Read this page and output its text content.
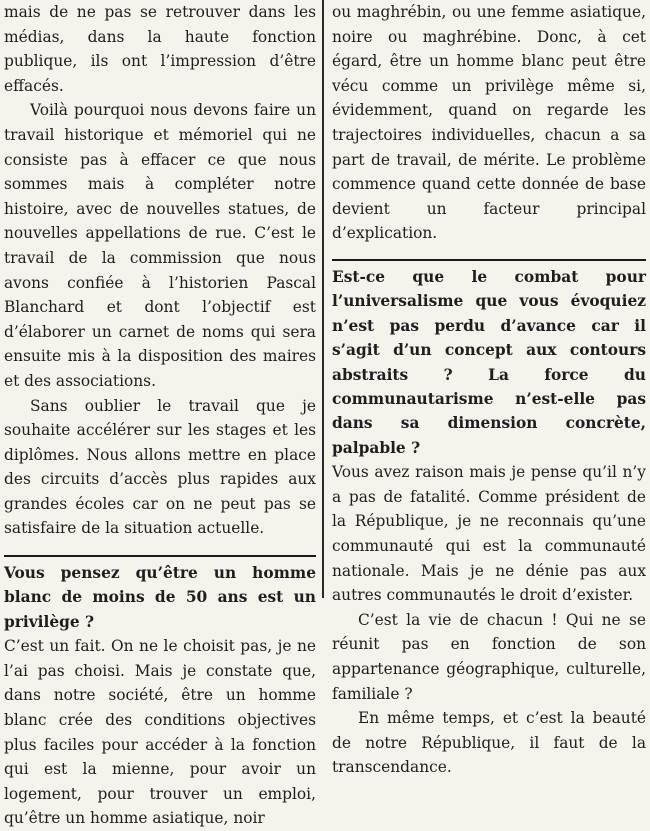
mais de ne pas se retrouver dans les médias, dans la haute fonction publique, ils ont l’impression d’être effacés.

Voilà pourquoi nous devons faire un travail historique et mémoriel qui ne consiste pas à effacer ce que nous sommes mais à compléter notre histoire, avec de nouvelles statues, de nouvelles appellations de rue. C’est le travail de la commission que nous avons confiée à l’historien Pascal Blanchard et dont l’objectif est d’élaborer un carnet de noms qui sera ensuite mis à la disposition des maires et des associations.

Sans oublier le travail que je souhaite accélérer sur les stages et les diplômes. Nous allons mettre en place des circuits d’accès plus rapides aux grandes écoles car on ne peut pas se satisfaire de la situation actuelle.

Vous pensez qu’être un homme blanc de moins de 50 ans est un privilège ?

C’est un fait. On ne le choisit pas, je ne l’ai pas choisi. Mais je constate que, dans notre société, être un homme blanc crée des conditions objectives plus faciles pour accéder à la fonction qui est la mienne, pour avoir un logement, pour trouver un emploi, qu’être un homme asiatique, noir

ou maghrébin, ou une femme asiatique, noire ou maghrébine. Donc, à cet égard, être un homme blanc peut être vécu comme un privilège même si, évidemment, quand on regarde les trajectoires individuelles, chacun a sa part de travail, de mérite. Le problème commence quand cette donnée de base devient un facteur principal d’explication.

Est-ce que le combat pour l’universalisme que vous évoquiez n’est pas perdu d’avance car il s’agit d’un concept aux contours abstraits ? La force du communautarisme n’est-elle pas dans sa dimension concrète, palpable ?

Vous avez raison mais je pense qu’il n’y a pas de fatalité. Comme président de la République, je ne reconnais qu’une communauté qui est la communauté nationale. Mais je ne dénie pas aux autres communautés le droit d’exister.

C’est la vie de chacun ! Qui ne se réunit pas en fonction de son appartenance géographique, culturelle, familiale ?

En même temps, et c’est la beauté de notre République, il faut de la transcendance.
